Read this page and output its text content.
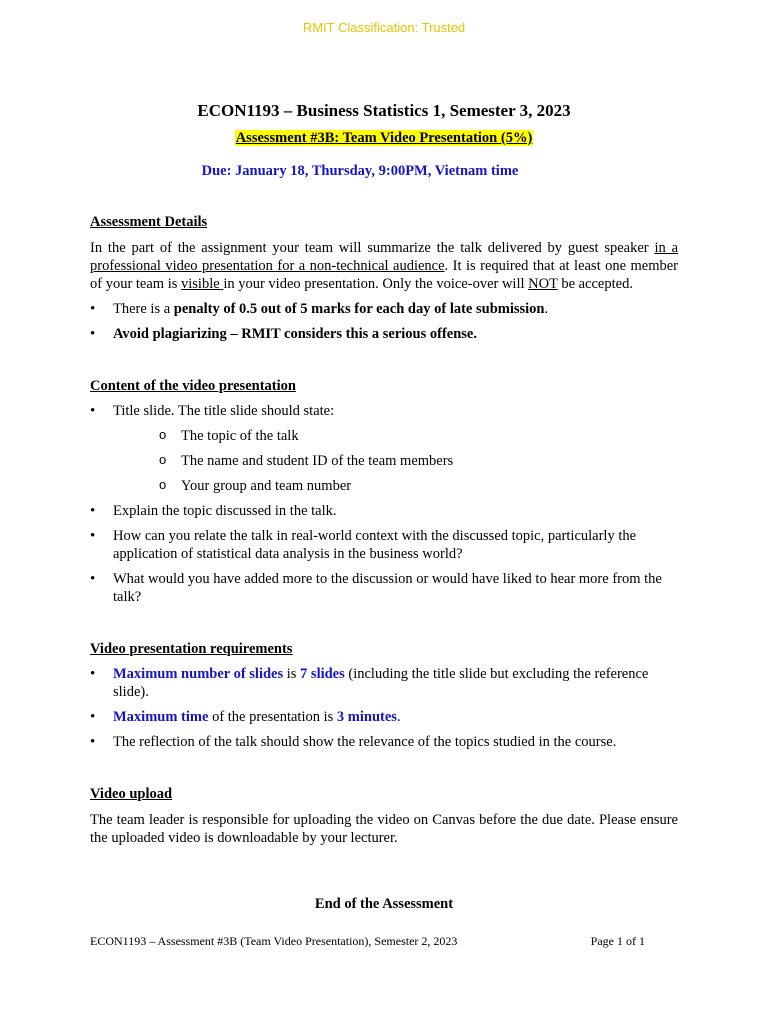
RMIT Classification: Trusted
ECON1193 – Business Statistics 1, Semester 3, 2023
Assessment #3B: Team Video Presentation (5%)
Due: January 18, Thursday, 9:00PM, Vietnam time

Assessment Details

In the part of the assignment your team will summarize the talk delivered by guest speaker in a professional video presentation for a non-technical audience. It is required that at least one member of your team is visible in your video presentation. Only the voice-over will NOT be accepted.

• There is a penalty of 0.5 out of 5 marks for each day of late submission.
• Avoid plagiarizing – RMIT considers this a serious offense.

Content of the video presentation

• Title slide. The title slide should state:
o The topic of the talk
o The name and student ID of the team members
o Your group and team number
• Explain the topic discussed in the talk.
• How can you relate the talk in real-world context with the discussed topic, particularly the application of statistical data analysis in the business world?
• What would you have added more to the discussion or would have liked to hear more from the talk?

Video presentation requirements

• Maximum number of slides is 7 slides (including the title slide but excluding the reference slide).
• Maximum time of the presentation is 3 minutes.
• The reflection of the talk should show the relevance of the topics studied in the course.

Video upload

The team leader is responsible for uploading the video on Canvas before the due date. Please ensure the uploaded video is downloadable by your lecturer.

End of the Assessment
ECON1193 – Assessment #3B (Team Video Presentation), Semester 2, 2023	Page 1 of 1
